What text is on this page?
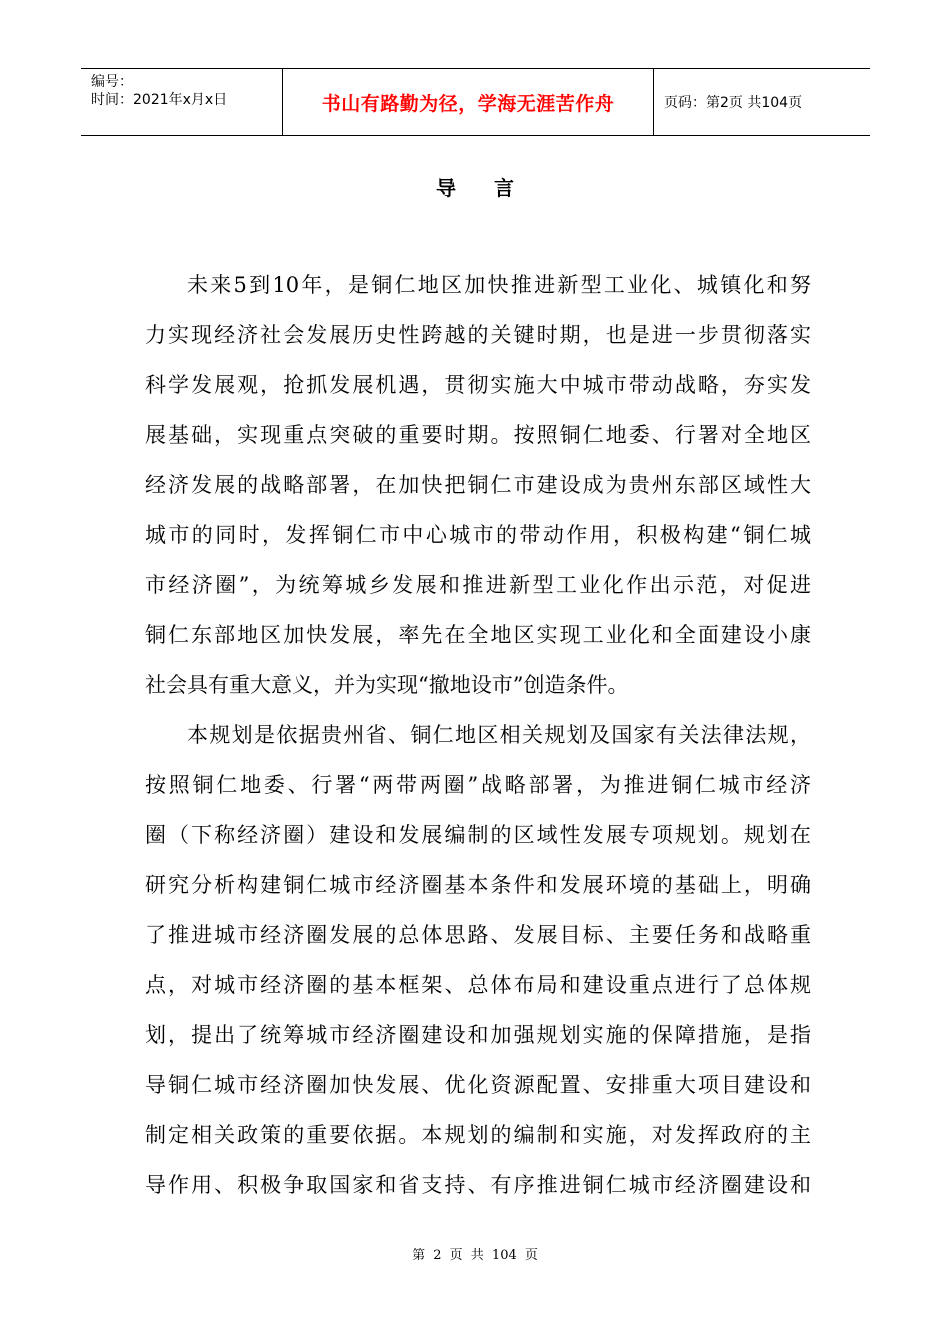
编号：
时间：2021年x月x日	书山有路勤为径，学海无涯苦作舟	页码：第2页 共104页
导言
未来5到10年，是铜仁地区加快推进新型工业化、城镇化和努
力实现经济社会发展历史性跨越的关键时期，也是进一步贯彻落实
科学发展观，抢抓发展机遇，贯彻实施大中城市带动战略，夯实发
展基础，实现重点突破的重要时期。按照铜仁地委、行署对全地区
经济发展的战略部署，在加快把铜仁市建设成为贵州东部区域性大
城市的同时，发挥铜仁市中心城市的带动作用，积极构建“铜仁城
市经济圈”，为统筹城乡发展和推进新型工业化作出示范，对促进
铜仁东部地区加快发展，率先在全地区实现工业化和全面建设小康
社会具有重大意义，并为实现“撤地设市”创造条件。
本规划是依据贵州省、铜仁地区相关规划及国家有关法律法规，
按照铜仁地委、行署“两带两圈”战略部署，为推进铜仁城市经济
圈（下称经济圈）建设和发展编制的区域性发展专项规划。规划在
研究分析构建铜仁城市经济圈基本条件和发展环境的基础上，明确
了推进城市经济圈发展的总体思路、发展目标、主要任务和战略重
点，对城市经济圈的基本框架、总体布局和建设重点进行了总体规
划，提出了统筹城市经济圈建设和加强规划实施的保障措施，是指
导铜仁城市经济圈加快发展、优化资源配置、安排重大项目建设和
制定相关政策的重要依据。本规划的编制和实施，对发挥政府的主
导作用、积极争取国家和省支持、有序推进铜仁城市经济圈建设和
第 2 页 共 104 页
